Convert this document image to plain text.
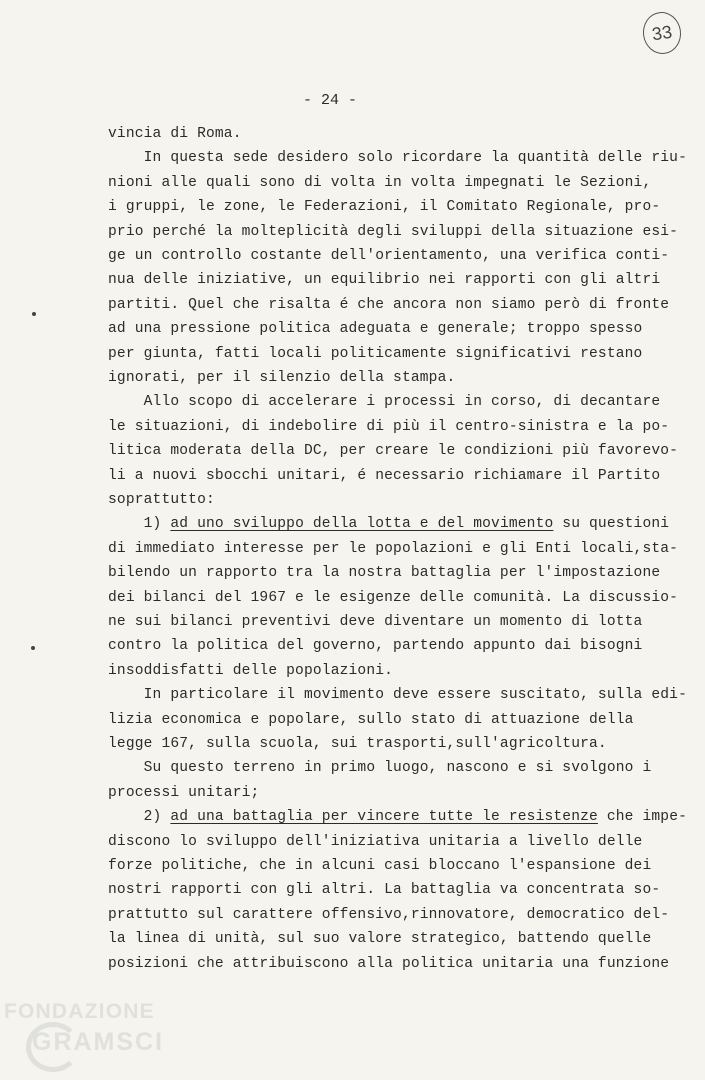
33
- 24 -

vincia di Roma.

In questa sede desidero solo ricordare la quantità delle riu-

nioni alle quali sono di volta in volta impegnati le Sezioni,

i gruppi, le zone, le Federazioni, il Comitato Regionale, pro-

prio perché la molteplicità degli sviluppi della situazione esi-

ge un controllo costante dell'orientamento, una verifica conti-

nua delle iniziative, un equilibrio nei rapporti con gli altri

partiti. Quel che risalta é che ancora non siamo però di fronte

ad una pressione politica adeguata e generale; troppo spesso

per giunta, fatti locali politicamente significativi restano

ignorati, per il silenzio della stampa.

Allo scopo di accelerare i processi in corso, di decantare

le situazioni, di indebolire di più il centro-sinistra e la po-

litica moderata della DC, per creare le condizioni più favorevo-

li a nuovi sbocchi unitari, é necessario richiamare il Partito

soprattutto:

1) ad uno sviluppo della lotta e del movimento su questioni

di immediato interesse per le popolazioni e gli Enti locali,sta-

bilendo un rapporto tra la nostra battaglia per l'impostazione

dei bilanci del 1967 e le esigenze delle comunità. La discussio-

ne sui bilanci preventivi deve diventare un momento di lotta

contro la politica del governo, partendo appunto dai bisogni

insoddisfatti delle popolazioni.

In particolare il movimento deve essere suscitato, sulla edi-

lizia economica e popolare, sullo stato di attuazione della

legge 167, sulla scuola, sui trasporti,sull'agricoltura.

Su questo terreno in primo luogo, nascono e si svolgono i

processi unitari;

2) ad una battaglia per vincere tutte le resistenze che impe-

discono lo sviluppo dell'iniziativa unitaria a livello delle

forze politiche, che in alcuni casi bloccano l'espansione dei

nostri rapporti con gli altri. La battaglia va concentrata so-

prattutto sul carattere offensivo,rinnovatore, democratico del-

la linea di unità, sul suo valore strategico, battendo quelle

posizioni che attribuiscono alla politica unitaria una funzione

FONDAZIONE
GRAMSCI
